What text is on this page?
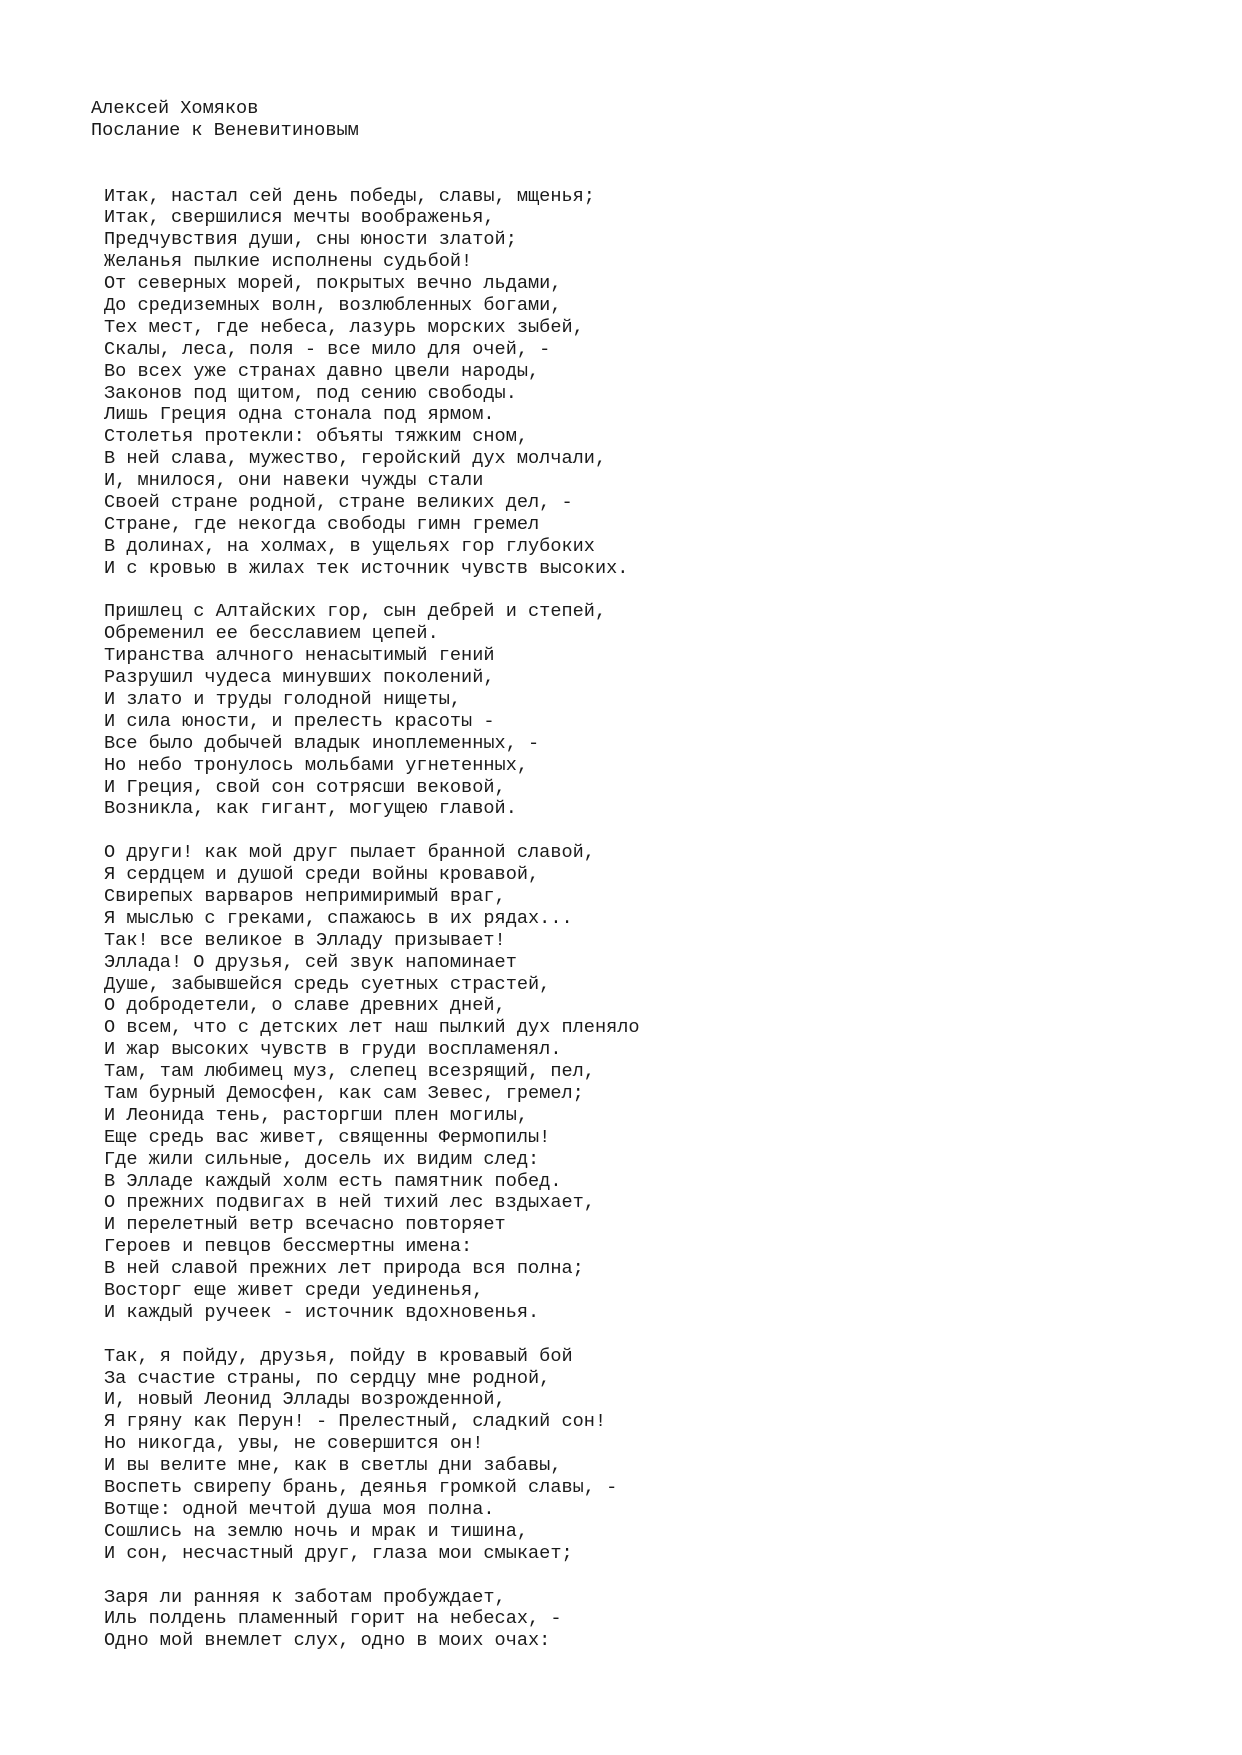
Алексей Хомяков
Послание к Веневитиновым
Итак, настал сей день победы, славы, мщенья;
Итак, свершилися мечты воображенья,
Предчувствия души, сны юности златой;
Желанья пылкие исполнены судьбой!
От северных морей, покрытых вечно льдами,
До средиземных волн, возлюбленных богами,
Тех мест, где небеса, лазурь морских зыбей,
Скалы, леса, поля - все мило для очей, -
Во всех уже странах давно цвели народы,
Законов под щитом, под сению свободы.
Лишь Греция одна стонала под ярмом.
Столетья протекли: объяты тяжким сном,
В ней слава, мужество, геройский дух молчали,
И, мнилося, они навеки чужды стали
Своей стране родной, стране великих дел, -
Стране, где некогда свободы гимн гремел
В долинах, на холмах, в ущельях гор глубоких
И с кровью в жилах тек источник чувств высоких.
Пришлец с Алтайских гор, сын дебрей и степей,
Обременил ее бесславием цепей.
Тиранства алчного ненасытимый гений
Разрушил чудеса минувших поколений,
И злато и труды голодной нищеты,
И сила юности, и прелесть красоты -
Все было добычей владык иноплеменных, -
Но небо тронулось мольбами угнетенных,
И Греция, свой сон сотрясши вековой,
Возникла, как гигант, могущею главой.
О други! как мой друг пылает бранной славой,
Я сердцем и душой среди войны кровавой,
Свирепых варваров непримиримый враг,
Я мыслью с греками, спажаюсь в их рядах...
Так! все великое в Элладу призывает!
Эллада! О друзья, сей звук напоминает
Душе, забывшейся средь суетных страстей,
О добродетели, о славе древних дней,
О всем, что с детских лет наш пылкий дух пленяло
И жар высоких чувств в груди воспламенял.
Там, там любимец муз, слепец всезрящий, пел,
Там бурный Демосфен, как сам Зевес, гремел;
И Леонида тень, расторгши плен могилы,
Еще средь вас живет, священны Фермопилы!
Где жили сильные, досель их видим след:
В Элладе каждый холм есть памятник побед.
О прежних подвигах в ней тихий лес вздыхает,
И перелетный ветр всечасно повторяет
Героев и певцов бессмертны имена:
В ней славой прежних лет природа вся полна;
Восторг еще живет среди уединенья,
И каждый ручеек - источник вдохновенья.
Так, я пойду, друзья, пойду в кровавый бой
За счастие страны, по сердцу мне родной,
И, новый Леонид Эллады возрожденной,
Я гряну как Перун! - Прелестный, сладкий сон!
Но никогда, увы, не совершится он!
И вы велите мне, как в светлы дни забавы,
Воспеть свирепу брань, деянья громкой славы, -
Вотще: одной мечтой душа моя полна.
Сошлись на землю ночь и мрак и тишина,
И сон, несчастный друг, глаза мои смыкает;
Заря ли ранняя к заботам пробуждает,
Иль полдень пламенный горит на небесах, -
Одно мой внемлет слух, одно в моих очах:
